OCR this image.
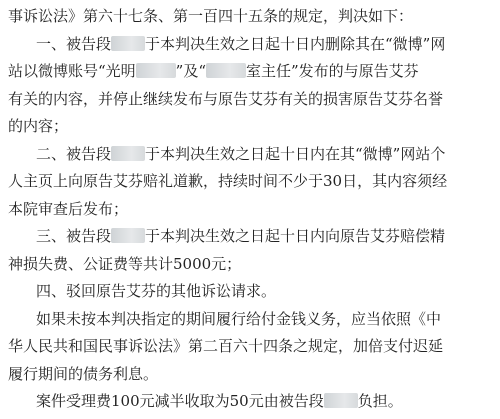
事诉讼法》第六十七条、第一百四十五条的规定，判决如下：
一、被告段 于本判决生效之日起十日内删除其在“微博”网
站以微博账号“光明	”及“	室主任”发布的与原告艾芬
有关的内容，并停止继续发布与原告艾芬有关的损害原告艾芬名誉
的内容；
二、被告段 于本判决生效之日起十日内在其“微博”网站个
人主页上向原告艾芬赔礼道歉，持续时间不少于30日，其内容须经
本院审查后发布；
三、被告段 于本判决生效之日起十日内向原告艾芬赔偿精
神损失费、公证费等共计5000元；
四、驳回原告艾芬的其他诉讼请求。
如果未按本判决指定的期间履行给付金钱义务，应当依照《中
华人民共和国民事诉讼法》第二百六十四条之规定，加倍支付迟延
履行期间的债务利息。
案件受理费100元减半收取为50元由被告段 负担。
